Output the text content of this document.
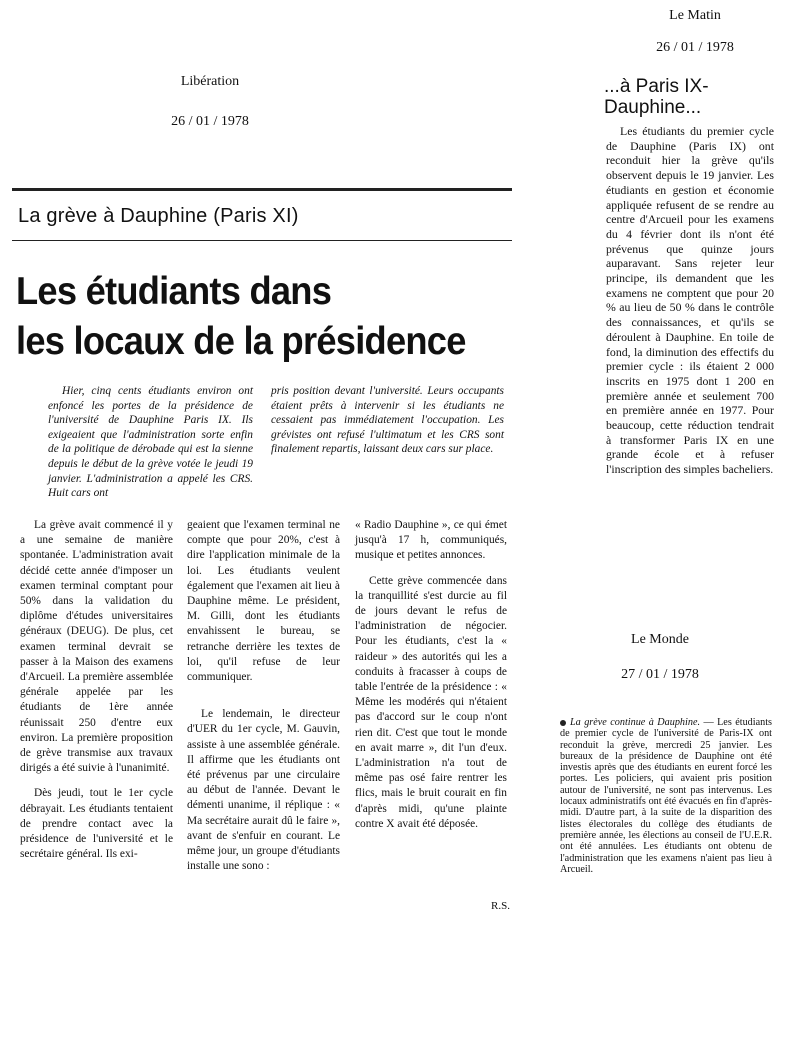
Libération
26 / 01 / 1978
La grève à Dauphine (Paris XI)
Les étudiants dans
les locaux de la présidence

Hier, cinq cents étudiants environ ont enfoncé les portes de la présidence de l'université de Dauphine Paris IX. Ils exigeaient que l'administration sorte enfin de la politique de dérobade qui est la sienne depuis le début de la grève votée le jeudi 19 janvier. L'administration a appelé les CRS. Huit cars ont

pris position devant l'université. Leurs occupants étaient prêts à intervenir si les étudiants ne cessaient pas immédiatement l'occupation. Les grévistes ont refusé l'ultimatum et les CRS sont finalement repartis, laissant deux cars sur place.

La grève avait commencé il y a une semaine de manière spontanée. L'administration avait décidé cette année d'imposer un examen terminal comptant pour 50% dans la validation du diplôme d'études universitaires généraux (DEUG). De plus, cet examen terminal devrait se passer à la Maison des examens d'Arcueil. La première assemblée générale appelée par les étudiants de 1ère année réunissait 250 d'entre eux environ. La première proposition de grève transmise aux travaux dirigés a été suivie à l'unanimité.

Dès jeudi, tout le 1er cycle débrayait. Les étudiants tentaient de prendre contact avec la présidence de l'université et le secrétaire général. Ils exi-

geaient que l'examen terminal ne compte que pour 20%, c'est à dire l'application minimale de la loi. Les étudiants veulent également que l'examen ait lieu à Dauphine même. Le président, M. Gilli, dont les étudiants envahissent le bureau, se retranche derrière les textes de loi, qu'il refuse de leur communiquer.

Le lendemain, le directeur d'UER du 1er cycle, M. Gauvin, assiste à une assemblée générale. Il affirme que les étudiants ont été prévenus par une circulaire au début de l'année. Devant le démenti unanime, il réplique : « Ma secrétaire aurait dû le faire », avant de s'enfuir en courant. Le même jour, un groupe d'étudiants installe une sono :

« Radio Dauphine », ce qui émet jusqu'à 17 h, communiqués, musique et petites annonces.

Cette grève commencée dans la tranquillité s'est durcie au fil de jours devant le refus de l'administration de négocier. Pour les étudiants, c'est la « raideur » des autorités qui les a conduits à fracasser à coups de table l'entrée de la présidence : « Même les modérés qui n'étaient pas d'accord sur le coup n'ont rien dit. C'est que tout le monde en avait marre », dit l'un d'eux. L'administration n'a tout de même pas osé faire rentrer les flics, mais le bruit courait en fin d'après midi, qu'une plainte contre X avait été déposée.

R.S.
Le Matin
26 / 01 / 1978
...à Paris IX-
Dauphine...

Les étudiants du premier cycle de Dauphine (Paris IX) ont reconduit hier la grève qu'ils observent depuis le 19 janvier. Les étudiants en gestion et économie appliquée refusent de se rendre au centre d'Arcueil pour les examens du 4 février dont ils n'ont été prévenus que quinze jours auparavant. Sans rejeter leur principe, ils demandent que les examens ne comptent que pour 20 % au lieu de 50 % dans le contrôle des connaissances, et qu'ils se déroulent à Dauphine. En toile de fond, la diminution des effectifs du premier cycle : ils étaient 2 000 inscrits en 1975 dont 1 200 en première année et seulement 700 en première année en 1977. Pour beaucoup, cette réduction tendrait à transformer Paris IX en une grande école et à refuser l'inscription des simples bacheliers.

Le Monde
27 / 01 / 1978

La grève continue à Dauphine. — Les étudiants de premier cycle de l'université de Paris-IX ont reconduit la grève, mercredi 25 janvier. Les bureaux de la présidence de Dauphine ont été investis après que des étudiants en eurent forcé les portes. Les policiers, qui avaient pris position autour de l'université, ne sont pas intervenus. Les locaux administratifs ont été évacués en fin d'après-midi. D'autre part, à la suite de la disparition des listes électorales du collège des étudiants de première année, les élections au conseil de l'U.E.R. ont été annulées. Les étudiants ont obtenu de l'administration que les examens n'aient pas lieu à Arcueil.
